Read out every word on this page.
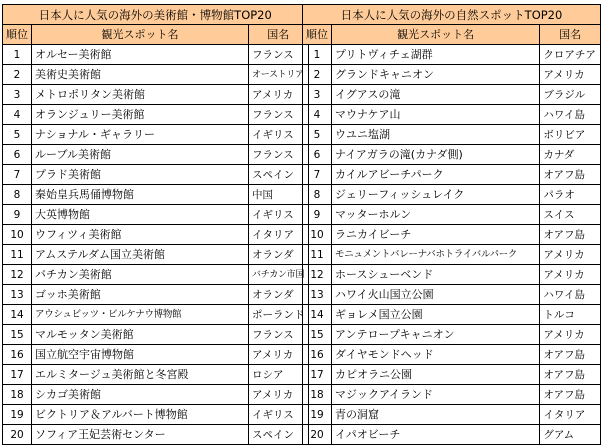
日本人に人気の海外の美術館・博物館TOP20		
順位	観光スポット名	国名
1	オルセー美術館	フランス
2	美術史美術館	オーストリア
3	メトロポリタン美術館	アメリカ
4	オランジュリー美術館	フランス
5	ナショナル・ギャラリー	イギリス
6	ルーブル美術館	フランス
7	プラド美術館	スペイン
8	秦始皇兵馬俑博物館	中国
9	大英博物館	イギリス
10	ウフィツィ美術館	イタリア
11	アムステルダム国立美術館	オランダ
12	バチカン美術館	バチカン市国
13	ゴッホ美術館	オランダ
14	アウシュビッツ・ビルケナウ博物館	ポーランド
15	マルモッタン美術館	フランス
16	国立航空宇宙博物館	アメリカ
17	エルミタージュ美術館と冬宮殿	ロシア
18	シカゴ美術館	アメリカ
19	ビクトリア＆アルバート博物館	イギリス
20	ソフィア王妃芸術センター	スペイン
日本人に人気の海外の自然スポットTOP20		
順位	観光スポット名	国名
1	プリトヴィチェ湖群	クロアチア
2	グランドキャニオン	アメリカ
3	イグアスの滝	ブラジル
4	マウナケア山	ハワイ島
5	ウユニ塩湖	ボリビア
6	ナイアガラの滝(カナダ側)	カナダ
7	カイルアビーチパーク	オアフ島
8	ジェリーフィッシュレイク	パラオ
9	マッターホルン	スイス
10	ラニカイビーチ	オアフ島
11	モニュメントバレーナバホトライバルパーク	アメリカ
12	ホースシューベンド	アメリカ
13	ハワイ火山国立公園	ハワイ島
14	ギョレメ国立公園	トルコ
15	アンテロープキャニオン	アメリカ
16	ダイヤモンドヘッド	オアフ島
17	カピオラニ公園	オアフ島
18	マジックアイランド	オアフ島
19	青の洞窟	イタリア
20	イパオビーチ	グアム
